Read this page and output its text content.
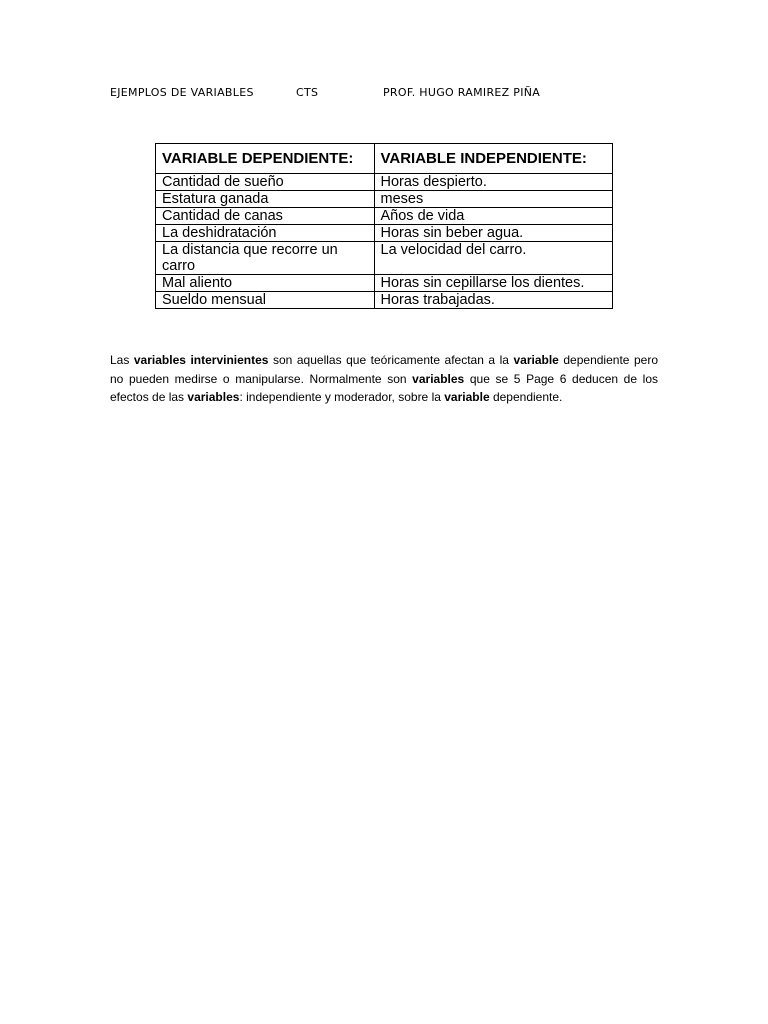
EJEMPLOS DE VARIABLES	CTS	PROF. HUGO RAMIREZ PIÑA
VARIABLE DEPENDIENTE:	VARIABLE INDEPENDIENTE:
Cantidad de sueño	Horas despierto.
Estatura ganada	meses
Cantidad de canas	Años de vida
La deshidratación	Horas sin beber agua.
La distancia que recorre un carro	La velocidad del carro.
Mal aliento	Horas sin cepillarse los dientes.
Sueldo mensual	Horas trabajadas.

Las variables intervinientes son aquellas que teóricamente afectan a la variable dependiente pero no pueden medirse o manipularse. Normalmente son variables que se 5 Page 6 deducen de los efectos de las variables: independiente y moderador, sobre la variable dependiente.
